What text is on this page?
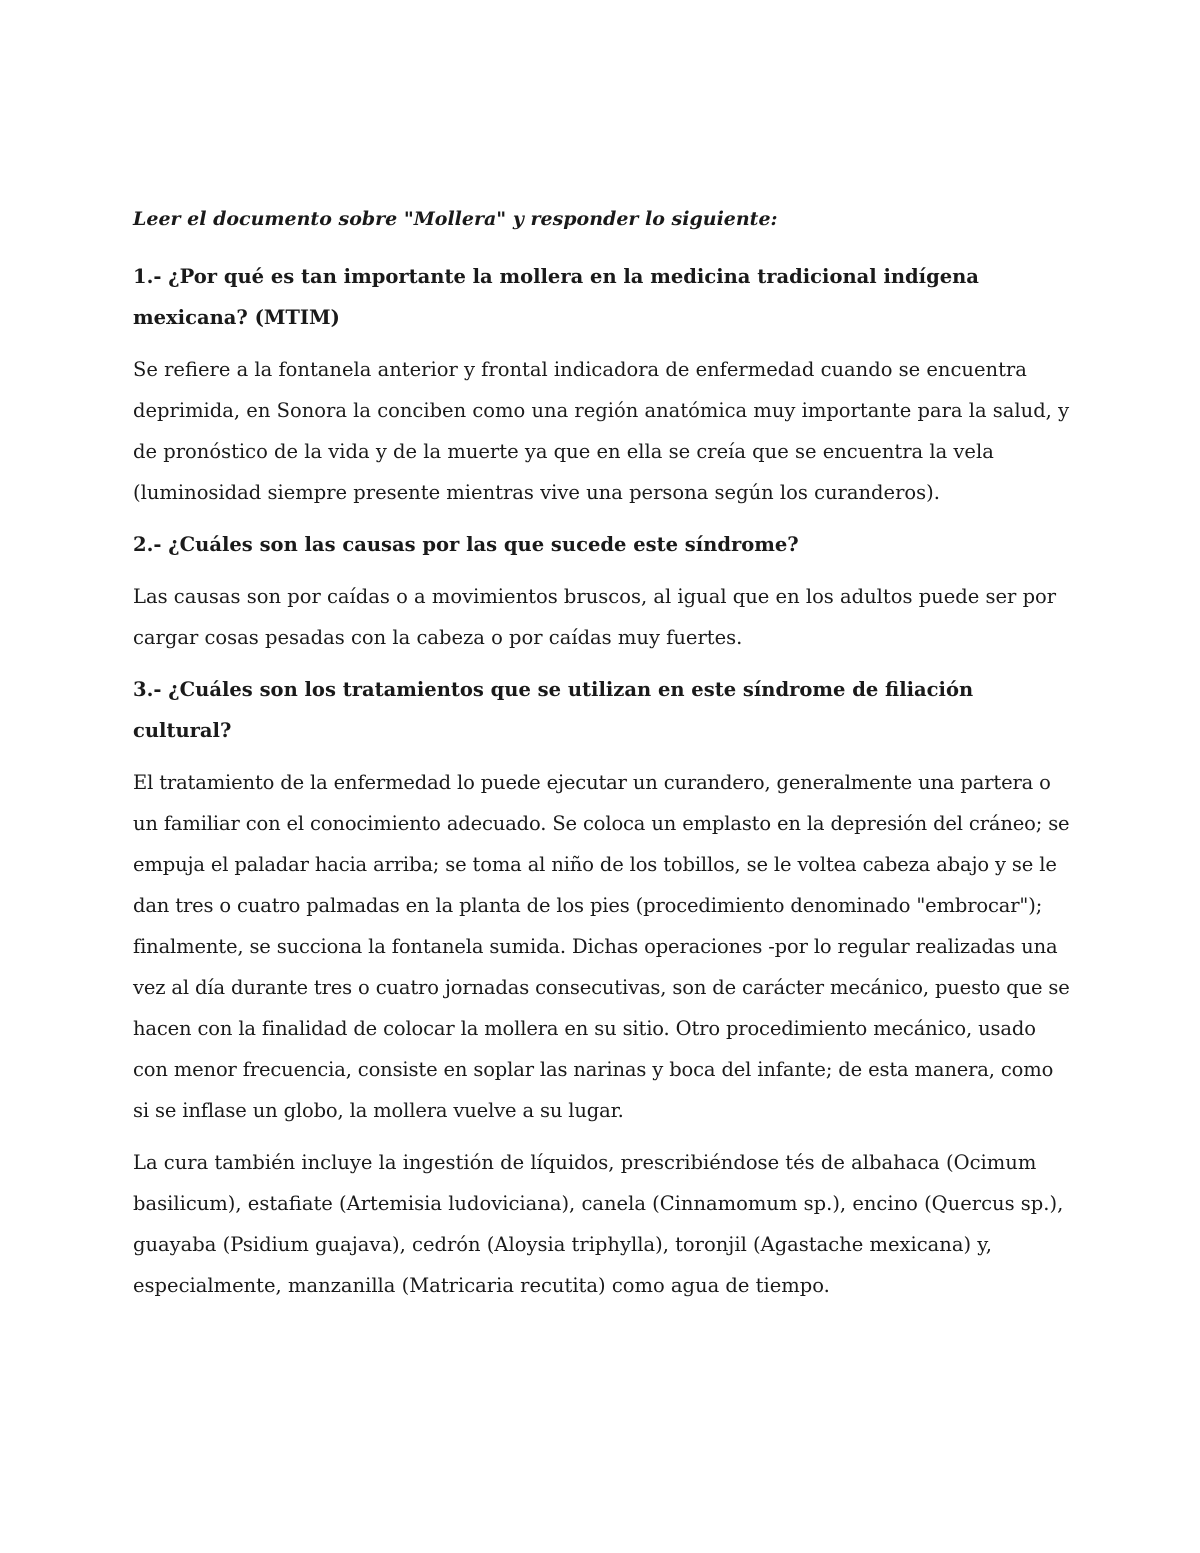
Leer el documento sobre "Mollera" y responder lo siguiente:

1.- ¿Por qué es tan importante la mollera en la medicina tradicional indígena mexicana? (MTIM)

Se refiere a la fontanela anterior y frontal indicadora de enfermedad cuando se encuentra deprimida, en Sonora la conciben como una región anatómica muy importante para la salud, y de pronóstico de la vida y de la muerte ya que en ella se creía que se encuentra la vela (luminosidad siempre presente mientras vive una persona según los curanderos).

2.- ¿Cuáles son las causas por las que sucede este síndrome?

Las causas son por caídas o a movimientos bruscos, al igual que en los adultos puede ser por cargar cosas pesadas con la cabeza o por caídas muy fuertes.

3.- ¿Cuáles son los tratamientos que se utilizan en este síndrome de filiación cultural?

El tratamiento de la enfermedad lo puede ejecutar un curandero, generalmente una partera o un familiar con el conocimiento adecuado. Se coloca un emplasto en la depresión del cráneo; se empuja el paladar hacia arriba; se toma al niño de los tobillos, se le voltea cabeza abajo y se le dan tres o cuatro palmadas en la planta de los pies (procedimiento denominado "embrocar"); finalmente, se succiona la fontanela sumida. Dichas operaciones -por lo regular realizadas una vez al día durante tres o cuatro jornadas consecutivas, son de carácter mecánico, puesto que se hacen con la finalidad de colocar la mollera en su sitio. Otro procedimiento mecánico, usado con menor frecuencia, consiste en soplar las narinas y boca del infante; de esta manera, como si se inflase un globo, la mollera vuelve a su lugar.

La cura también incluye la ingestión de líquidos, prescribiéndose tés de albahaca (Ocimum basilicum), estafiate (Artemisia ludoviciana), canela (Cinnamomum sp.), encino (Quercus sp.), guayaba (Psidium guajava), cedrón (Aloysia triphylla), toronjil (Agastache mexicana) y, especialmente, manzanilla (Matricaria recutita) como agua de tiempo.
